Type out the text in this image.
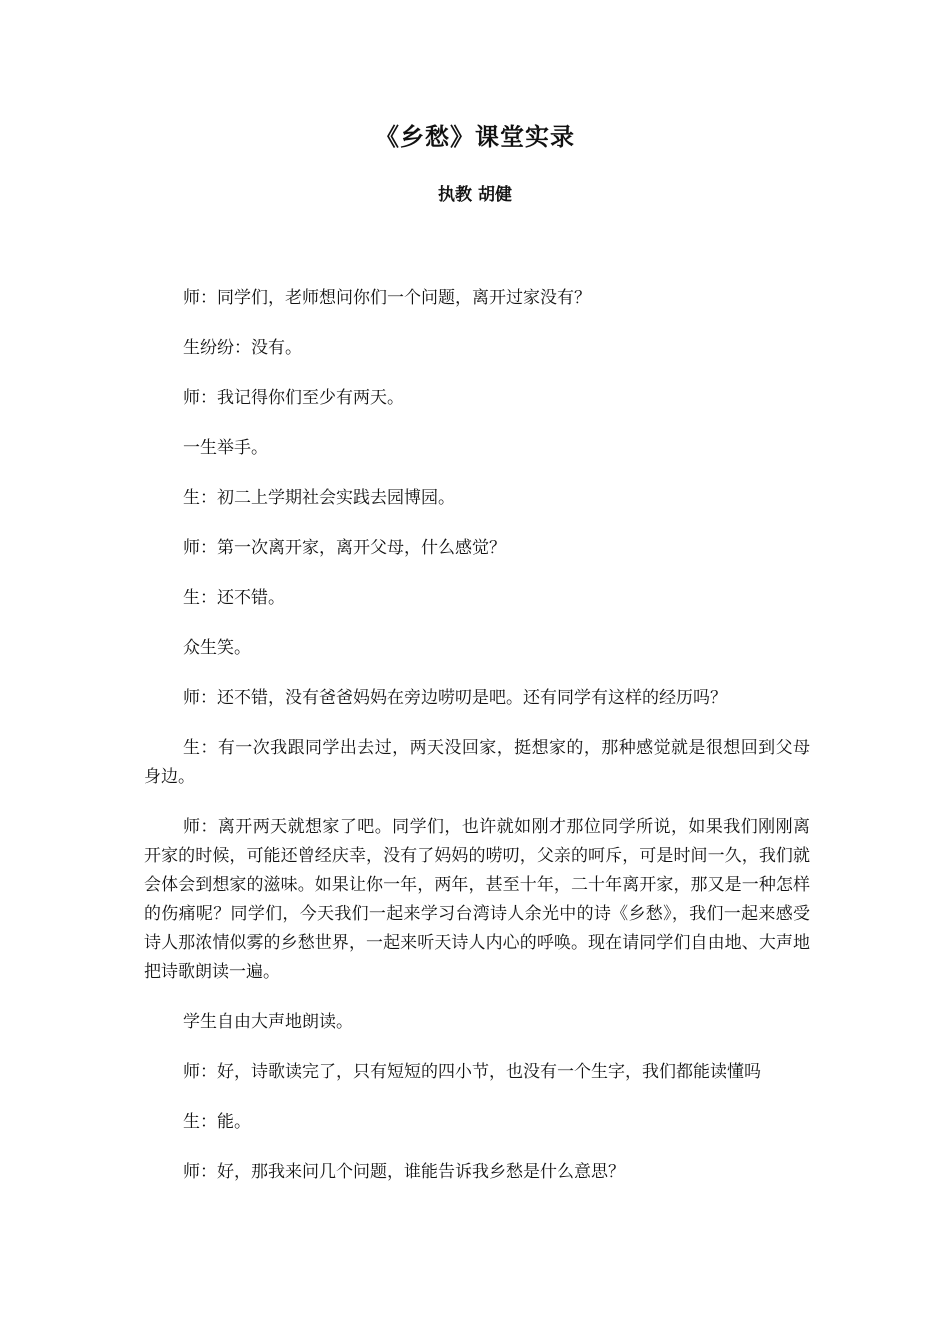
《乡愁》课堂实录
执教 胡健

师：同学们，老师想问你们一个问题，离开过家没有？

生纷纷：没有。

师：我记得你们至少有两天。

一生举手。

生：初二上学期社会实践去园博园。

师：第一次离开家，离开父母，什么感觉？

生：还不错。

众生笑。

师：还不错，没有爸爸妈妈在旁边唠叨是吧。还有同学有这样的经历吗？

生：有一次我跟同学出去过，两天没回家，挺想家的，那种感觉就是很想回到父母身边。

师：离开两天就想家了吧。同学们，也许就如刚才那位同学所说，如果我们刚刚离开家的时候，可能还曾经庆幸，没有了妈妈的唠叨，父亲的呵斥，可是时间一久，我们就会体会到想家的滋味。如果让你一年，两年，甚至十年，二十年离开家，那又是一种怎样的伤痛呢？同学们，今天我们一起来学习台湾诗人余光中的诗《乡愁》，我们一起来感受诗人那浓情似雾的乡愁世界，一起来听天诗人内心的呼唤。现在请同学们自由地、大声地把诗歌朗读一遍。

学生自由大声地朗读。

师：好，诗歌读完了，只有短短的四小节，也没有一个生字，我们都能读懂吗

生：能。

师：好，那我来问几个问题，谁能告诉我乡愁是什么意思？
